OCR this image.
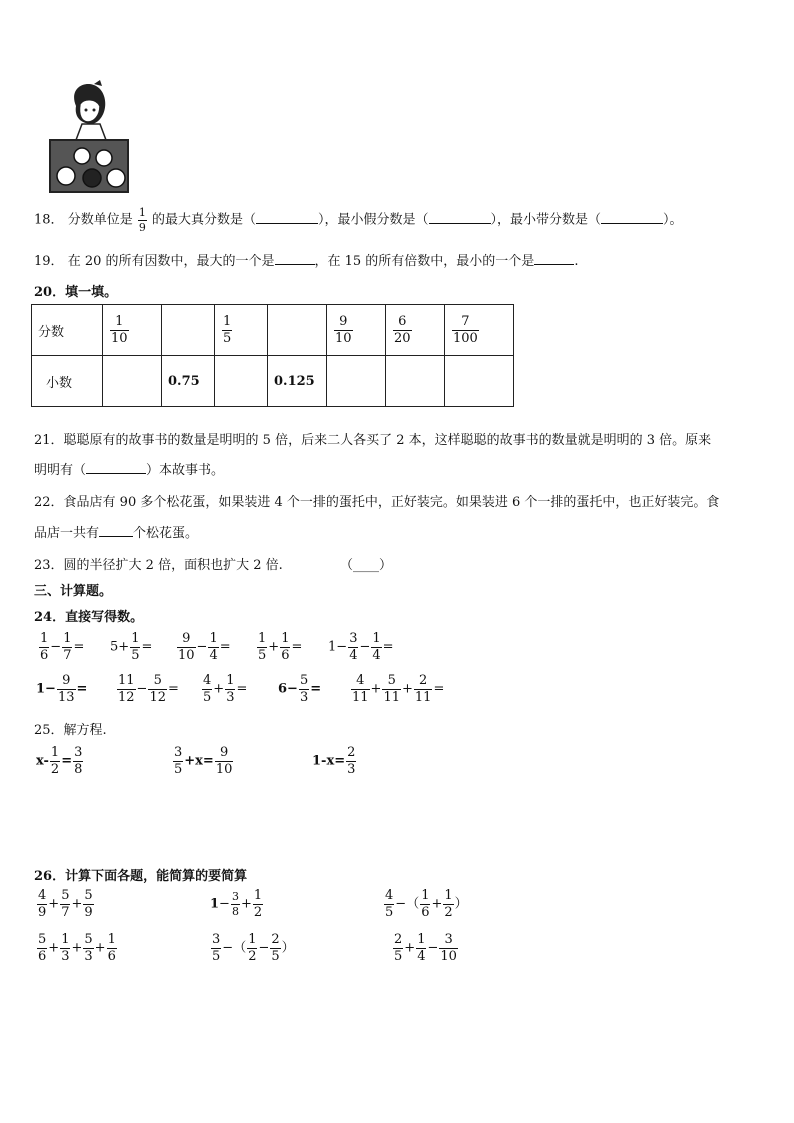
18． 分数单位是 $\frac{1}{9}$ 的最大真分数是（	），最小假分数是（	），最小带分数是（	）。
19． 在 20 的所有因数中，最大的一个是	，在 15 的所有倍数中，最小的一个是	.
20．填一填。
分数	$\frac{1}{10}$		$\frac{1}{5}$		$\frac{9}{10}$	$\frac{6}{20}$	$\frac{7}{100}$

小数		0.75		0.125			
21．聪聪原有的故事书的数量是明明的 5 倍，后来二人各买了 2 本，这样聪聪的故事书的数量就是明明的 3 倍。原来
明明有（	）本故事书。
22．食品店有 90 多个松花蛋，如果装进 4 个一排的蛋托中，正好装完。如果装进 6 个一排的蛋托中，也正好装完。食
品店一共有	个松花蛋。
23．圆的半径扩大 2 倍，面积也扩大 2 倍.	（____）
三、计算题。
24．直接写得数。
$\frac{1}{6} - \frac{1}{7} = 5+ \frac{1}{5} = \frac{9}{10} - \frac{1}{4} = \frac{1}{5} + \frac{1}{6} = 1- \frac{3}{4} - \frac{1}{4}$ =
$1- \frac{9}{13} = \frac{11}{12} - \frac{5}{12} = \frac{4}{5} + \frac{1}{3} = 6- \frac{5}{3} = \frac{4}{11} + \frac{5}{11} + \frac{2}{11}$ =
25．解方程.
$x- \frac{1}{2} = \frac{3}{8}$	$\frac{3}{5} +x= \frac{9}{10}$	$1-x= \frac{2}{3}$
26．计算下面各题，能简算的要简算
$\frac{4}{9} + \frac{5}{7} + \frac{5}{9}$	$1- \frac{3}{8} + \frac{1}{2}$	$\frac{4}{5}$ −（ $\frac{1}{6} + \frac{1}{2}$ ）
$\frac{5}{6} + \frac{1}{3} + \frac{5}{3} + \frac{1}{6}$	$\frac{3}{5}$ −（ $\frac{1}{2} - \frac{2}{5}$ ）	$\frac{2}{5} + \frac{1}{4} - \frac{3}{10}$
